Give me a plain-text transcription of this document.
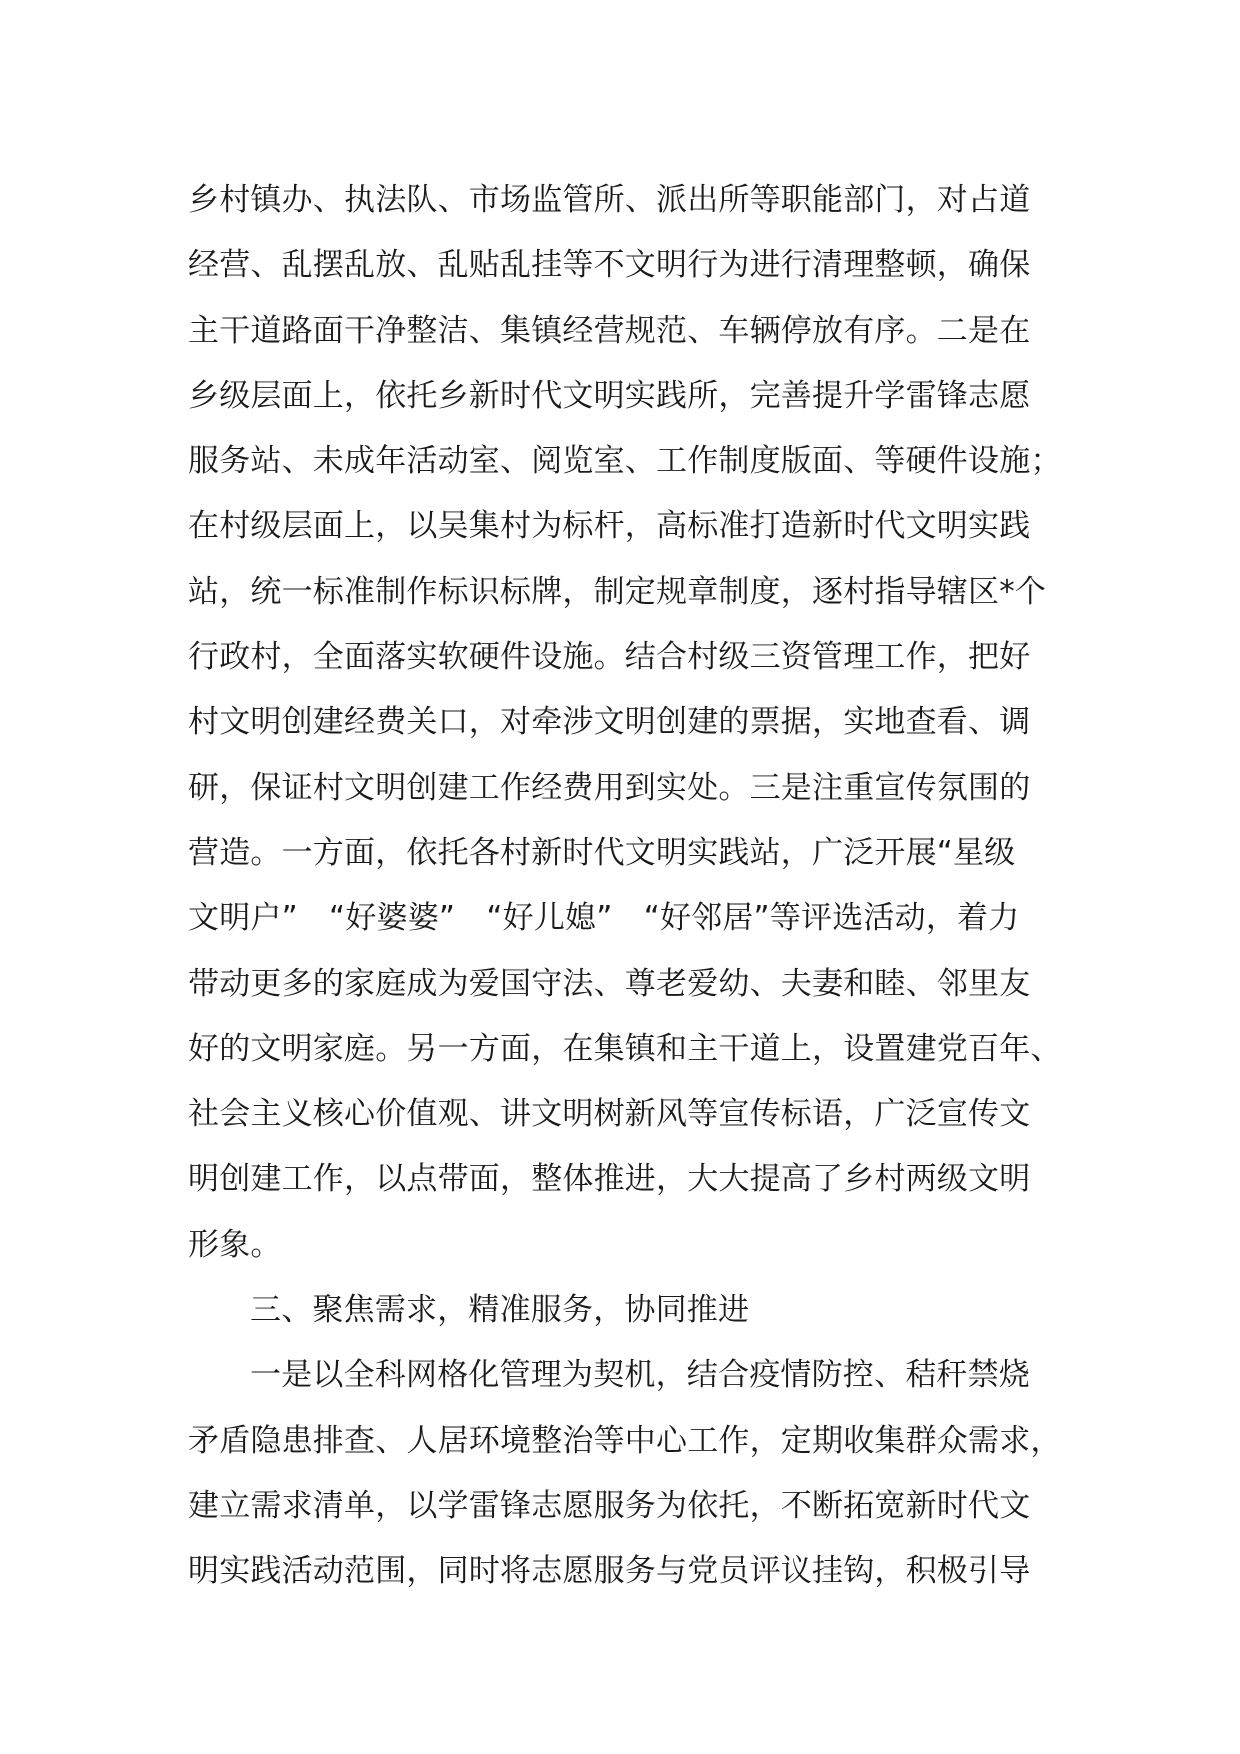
乡村镇办、执法队、市场监管所、派出所等职能部门，对占道
经营、乱摆乱放、乱贴乱挂等不文明行为进行清理整顿，确保
主干道路面干净整洁、集镇经营规范、车辆停放有序。二是在
乡级层面上，依托乡新时代文明实践所，完善提升学雷锋志愿
服务站、未成年活动室、阅览室、工作制度版面、等硬件设施；
在村级层面上，以吴集村为标杆，高标准打造新时代文明实践
站，统一标准制作标识标牌，制定规章制度，逐村指导辖区*个
行政村，全面落实软硬件设施。结合村级三资管理工作，把好
村文明创建经费关口，对牵涉文明创建的票据，实地查看、调
研，保证村文明创建工作经费用到实处。三是注重宣传氛围的
营造。一方面，依托各村新时代文明实践站，广泛开展“星级
文明户”　“好婆婆”　“好儿媳”　“好邻居”等评选活动，着力
带动更多的家庭成为爱国守法、尊老爱幼、夫妻和睦、邻里友
好的文明家庭。另一方面，在集镇和主干道上，设置建党百年、
社会主义核心价值观、讲文明树新风等宣传标语，广泛宣传文
明创建工作，以点带面，整体推进，大大提高了乡村两级文明
形象。
三、聚焦需求，精准服务，协同推进
一是以全科网格化管理为契机，结合疫情防控、秸秆禁烧
矛盾隐患排查、人居环境整治等中心工作，定期收集群众需求，
建立需求清单，以学雷锋志愿服务为依托，不断拓宽新时代文
明实践活动范围，同时将志愿服务与党员评议挂钩，积极引导
